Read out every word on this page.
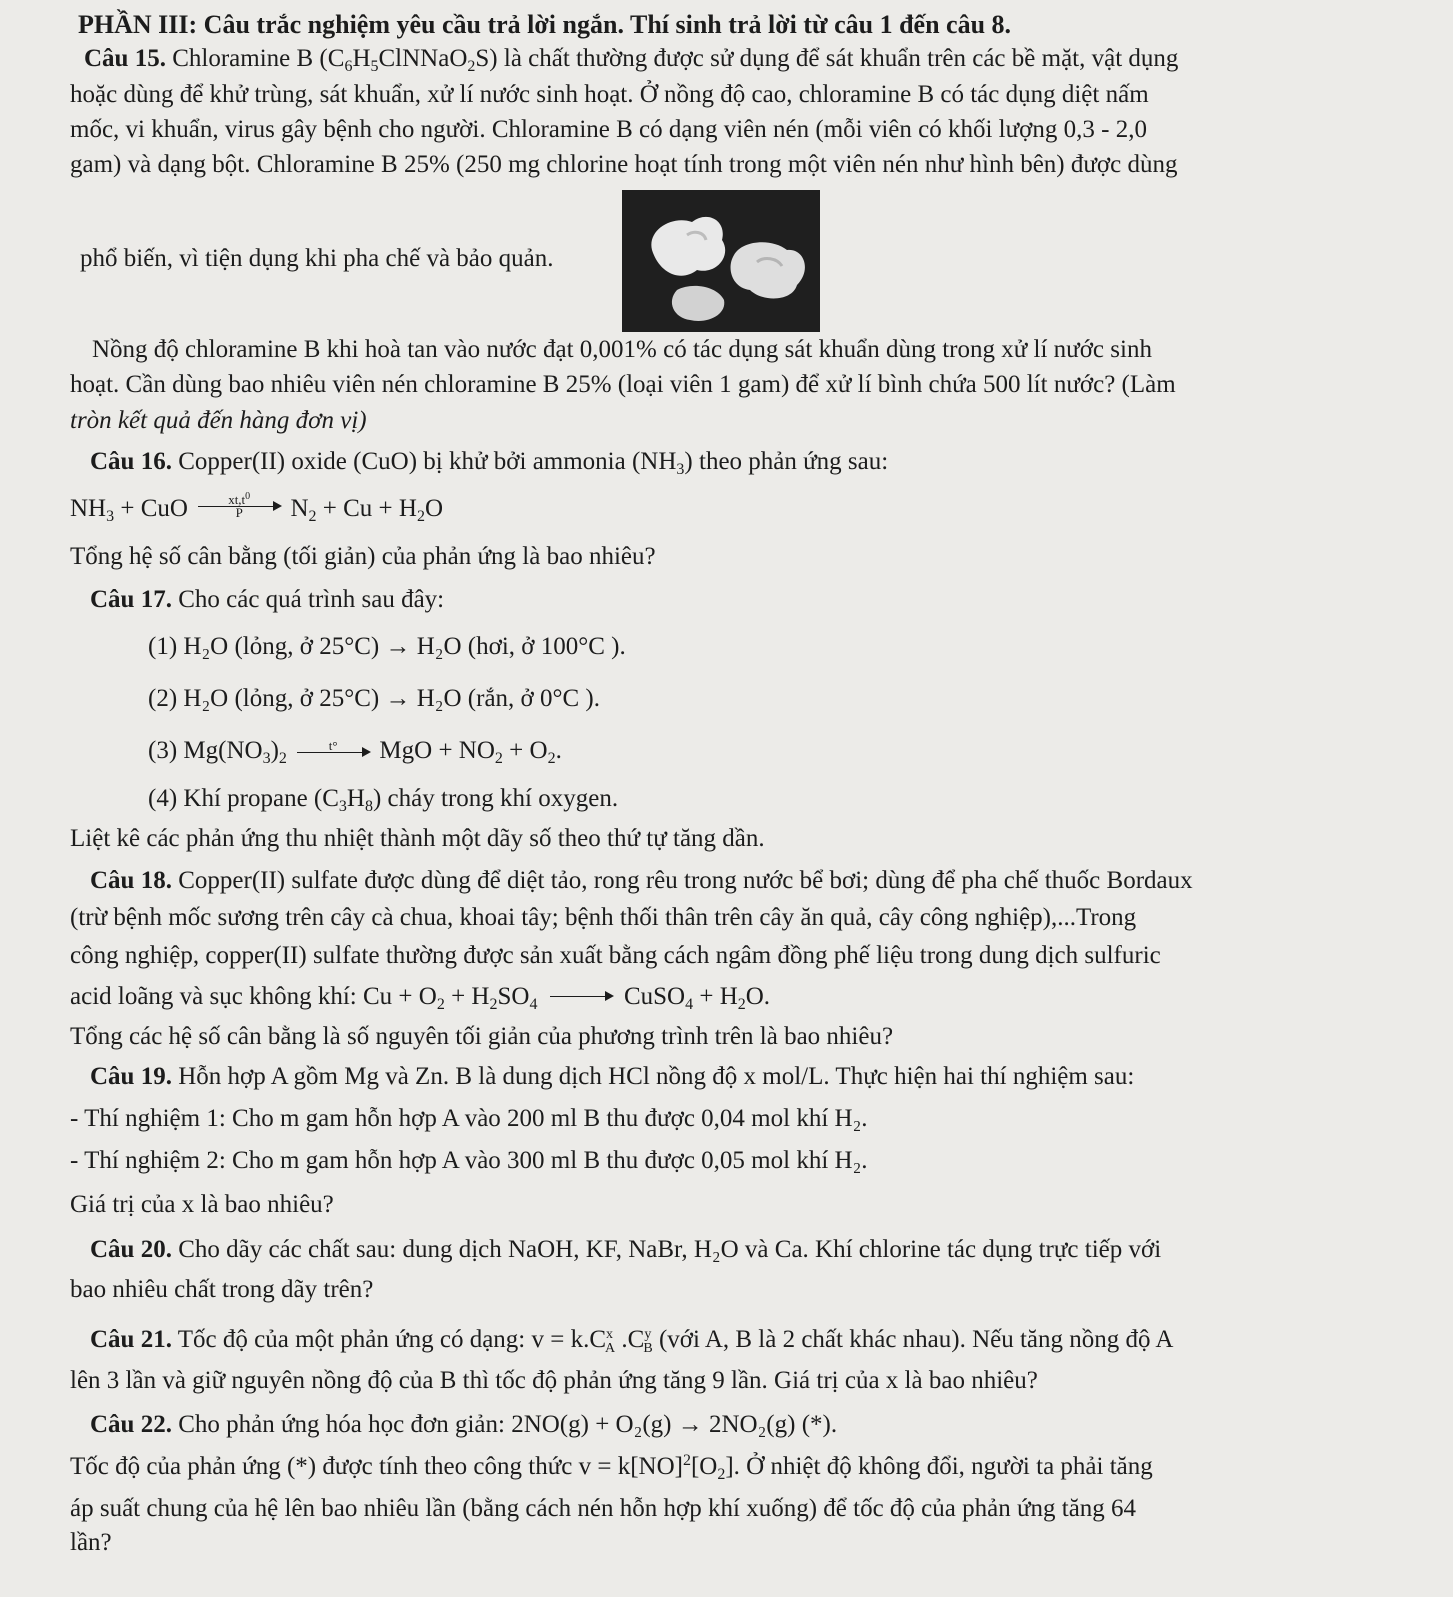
PHẦN III: Câu trắc nghiệm yêu cầu trả lời ngắn. Thí sinh trả lời từ câu 1 đến câu 8.
Câu 15. Chloramine B $(C_6H_5ClNNaO_2S)$ là chất thường được sử dụng để sát khuẩn trên các bề mặt, vật dụng
hoặc dùng để khử trùng, sát khuẩn, xử lí nước sinh hoạt. Ở nồng độ cao, chloramine B có tác dụng diệt nấm
mốc, vi khuẩn, virus gây bệnh cho người. Chloramine B có dạng viên nén (mỗi viên có khối lượng 0,3 - 2,0
gam) và dạng bột. Chloramine B 25% (250 mg chlorine hoạt tính trong một viên nén như hình bên) được dùng
phổ biến, vì tiện dụng khi pha chế và bảo quản.
Nồng độ chloramine B khi hoà tan vào nước đạt 0,001% có tác dụng sát khuẩn dùng trong xử lí nước sinh
hoạt. Cần dùng bao nhiêu viên nén chloramine B 25% (loại viên 1 gam) để xử lí bình chứa 500 lít nước? (Làm
tròn kết quả đến hàng đơn vị)
Câu 16. Copper(II) oxide (CuO) bị khử bởi ammonia $(NH_3)$ theo phản ứng sau:
$NH_3$ + CuO $\frac{xt,t^0}{P} N_2 + Cu + H_2O$
Tổng hệ số cân bằng (tối giản) của phản ứng là bao nhiêu?
Câu 17. Cho các quá trình sau đây:
(1) H₂O (lỏng, ở 25°C) → H₂O (hơi, ở 100°C ).
(2) H₂O (lỏng, ở 25°C) → H₂O (rắn, ở 0°C ).
(3) $Mg(NO_3)_2$
t°	MgO + $NO_2 + O_2$.
(4) Khí propane $(C_3H_8)$ cháy trong khí oxygen.
Liệt kê các phản ứng thu nhiệt thành một dãy số theo thứ tự tăng dần.
Câu 18. Copper(II) sulfate được dùng để diệt tảo, rong rêu trong nước bể bơi; dùng để pha chế thuốc Bordaux
(trừ bệnh mốc sương trên cây cà chua, khoai tây; bệnh thối thân trên cây ăn quả, cây công nghiệp),...Trong
công nghiệp, copper(II) sulfate thường được sản xuất bằng cách ngâm đồng phế liệu trong dung dịch sulfuric
acid loãng và sục không khí: $Cu + O_2 + H_2SO_4$ → CuSO$_4$ + $H_2O$.
Tổng các hệ số cân bằng là số nguyên tối giản của phương trình trên là bao nhiêu?
Câu 19. Hỗn hợp A gồm Mg và Zn. B là dung dịch HCl nồng độ x mol/L. Thực hiện hai thí nghiệm sau:
- Thí nghiệm 1: Cho m gam hỗn hợp A vào 200 ml B thu được 0,04 mol khí H₂.
- Thí nghiệm 2: Cho m gam hỗn hợp A vào 300 ml B thu được 0,05 mol khí H₂.
Giá trị của x là bao nhiêu?
Câu 20. Cho dãy các chất sau: dung dịch NaOH, KF, NaBr, H₂O và Ca. Khí chlorine tác dụng trực tiếp với
bao nhiêu chất trong dãy trên?
Câu 21. Tốc độ của một phản ứng có dạng: $v = k.C^x_A$ $.C^y_B$ (với A, B là 2 chất khác nhau). Nếu tăng nồng độ A
lên 3 lần và giữ nguyên nồng độ của B thì tốc độ phản ứng tăng 9 lần. Giá trị của x là bao nhiêu?
Câu 22. Cho phản ứng hóa học đơn giản: 2NO(g) + O₂(g) → 2NO₂(g) (*).
Tốc độ của phản ứng (*) được tính theo công thức $v = k[NO]^2[O_2]$. Ở nhiệt độ không đổi, người ta phải tăng
áp suất chung của hệ lên bao nhiêu lần (bằng cách nén hỗn hợp khí xuống) để tốc độ của phản ứng tăng 64
lần?
